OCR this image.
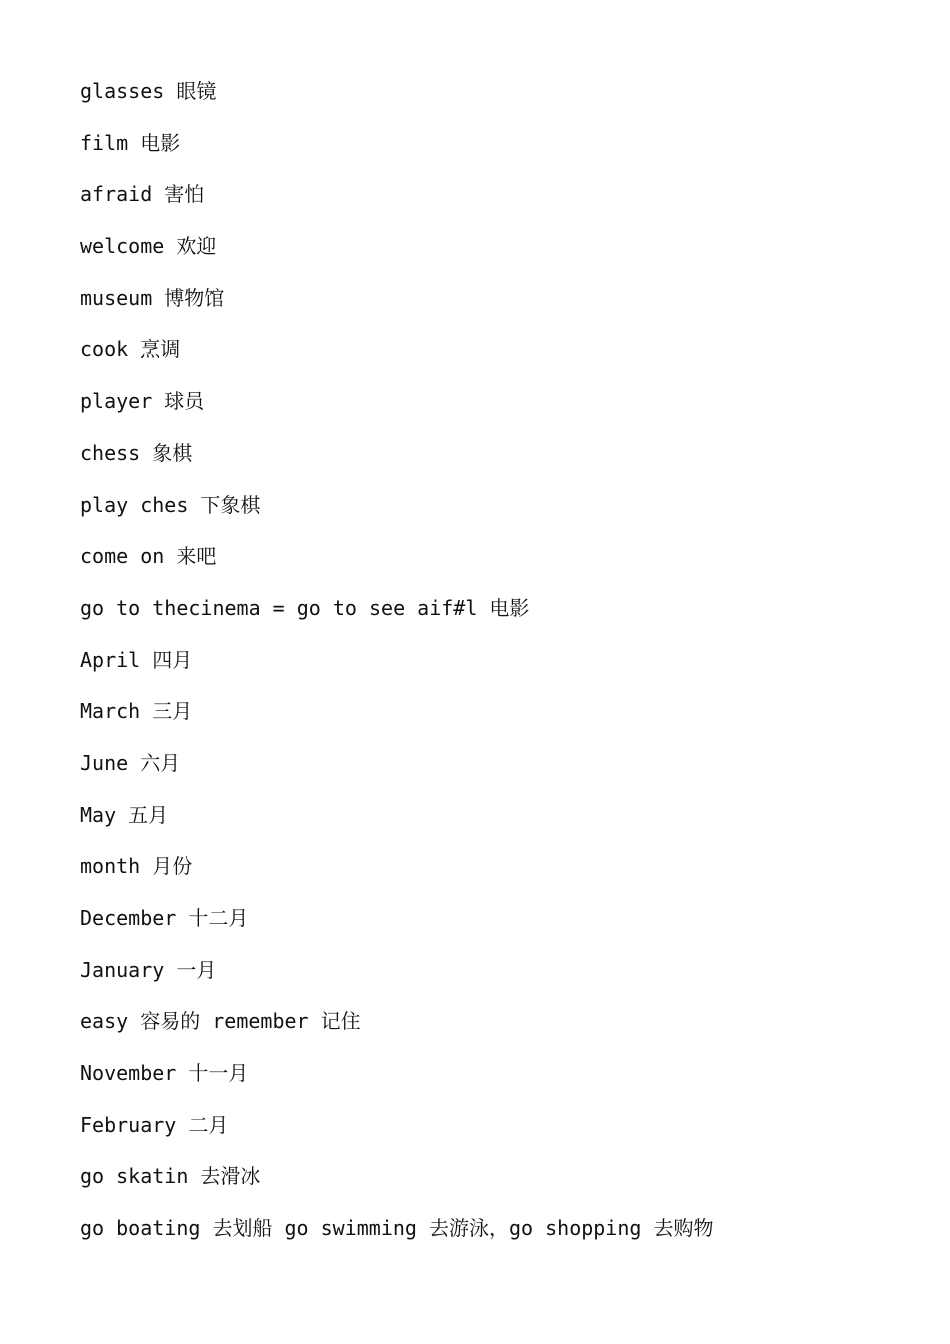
glasses 眼镜
film 电影
afraid 害怕
welcome 欢迎
museum 博物馆
cook 烹调
player 球员
chess 象棋
play ches 下象棋
come on 来吧
go to thecinema = go to see aif#l 电影
April 四月
March 三月
June 六月
May 五月
month 月份
December 十二月
January 一月
easy 容易的 remember 记住
November 十一月
February 二月
go skatin 去滑冰
go boating 去划船 go swimming 去游泳，go shopping 去购物
